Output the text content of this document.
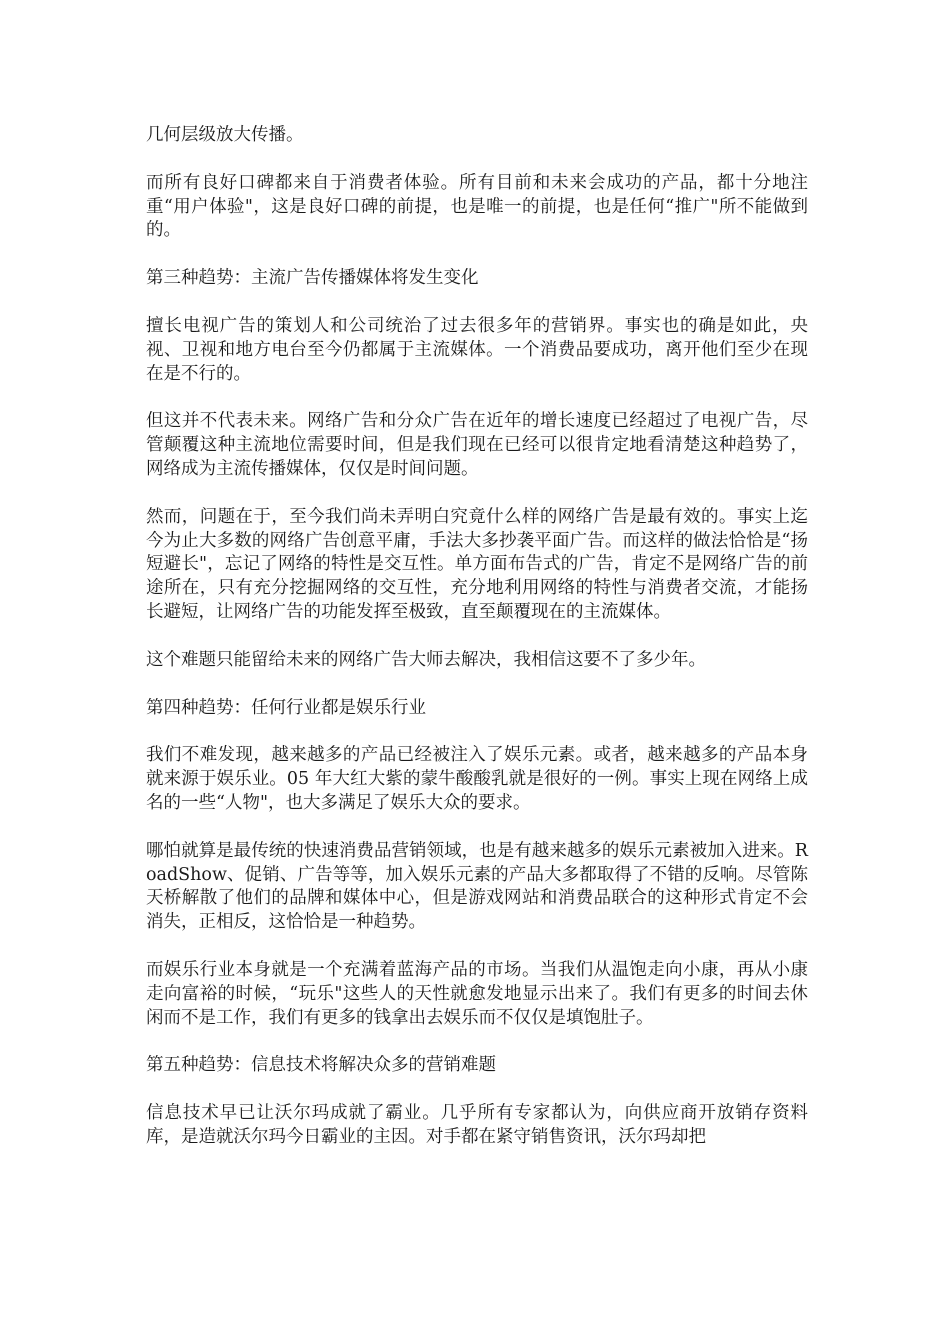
几何层级放大传播。

而所有良好口碑都来自于消费者体验。所有目前和未来会成功的产品，都十分地注重“用户体验"，这是良好口碑的前提，也是唯一的前提，也是任何“推广"所不能做到的。

第三种趋势：主流广告传播媒体将发生变化

擅长电视广告的策划人和公司统治了过去很多年的营销界。事实也的确是如此，央视、卫视和地方电台至今仍都属于主流媒体。一个消费品要成功，离开他们至少在现在是不行的。

但这并不代表未来。网络广告和分众广告在近年的增长速度已经超过了电视广告，尽管颠覆这种主流地位需要时间，但是我们现在已经可以很肯定地看清楚这种趋势了，网络成为主流传播媒体，仅仅是时间问题。

然而，问题在于，至今我们尚未弄明白究竟什么样的网络广告是最有效的。事实上迄今为止大多数的网络广告创意平庸，手法大多抄袭平面广告。而这样的做法恰恰是“扬短避长"，忘记了网络的特性是交互性。单方面布告式的广告，肯定不是网络广告的前途所在，只有充分挖掘网络的交互性，充分地利用网络的特性与消费者交流，才能扬长避短，让网络广告的功能发挥至极致，直至颠覆现在的主流媒体。

这个难题只能留给未来的网络广告大师去解决，我相信这要不了多少年。

第四种趋势：任何行业都是娱乐行业

我们不难发现，越来越多的产品已经被注入了娱乐元素。或者，越来越多的产品本身就来源于娱乐业。05 年大红大紫的蒙牛酸酸乳就是很好的一例。事实上现在网络上成名的一些“人物"，也大多满足了娱乐大众的要求。

哪怕就算是最传统的快速消费品营销领域，也是有越来越多的娱乐元素被加入进来。RoadShow、促销、广告等等，加入娱乐元素的产品大多都取得了不错的反响。尽管陈天桥解散了他们的品牌和媒体中心，但是游戏网站和消费品联合的这种形式肯定不会消失，正相反，这恰恰是一种趋势。

而娱乐行业本身就是一个充满着蓝海产品的市场。当我们从温饱走向小康，再从小康走向富裕的时候，“玩乐"这些人的天性就愈发地显示出来了。我们有更多的时间去休闲而不是工作，我们有更多的钱拿出去娱乐而不仅仅是填饱肚子。

第五种趋势：信息技术将解决众多的营销难题

信息技术早已让沃尔玛成就了霸业。几乎所有专家都认为，向供应商开放销存资料库，是造就沃尔玛今日霸业的主因。对手都在紧守销售资讯，沃尔玛却把
